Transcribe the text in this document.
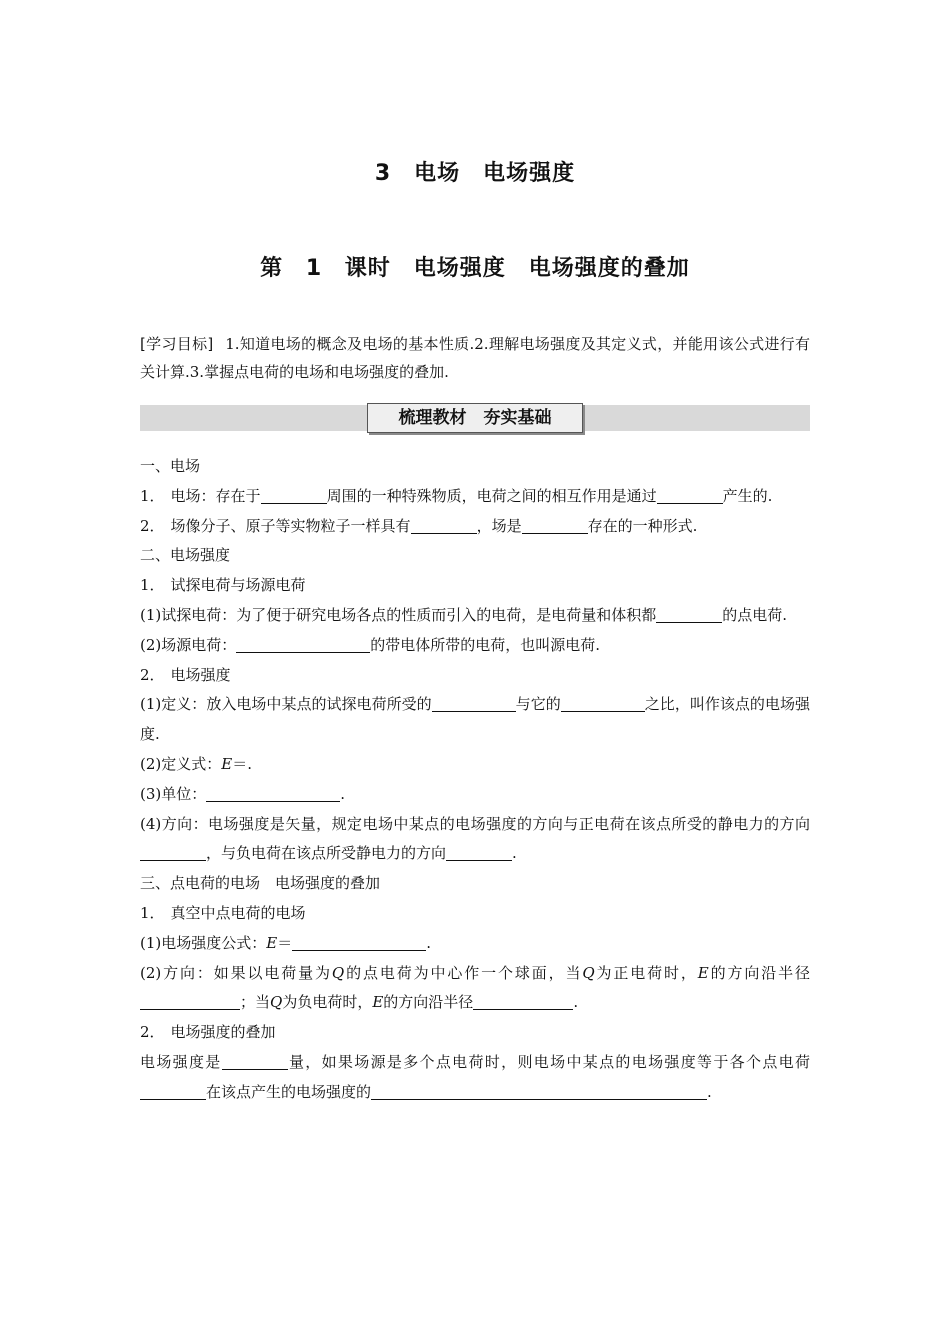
3　电场　电场强度
第 1 课时　电场强度　电场强度的叠加
[学习目标] 1.知道电场的概念及电场的基本性质.2.理解电场强度及其定义式，并能用该公式进行有关计算.3.掌握点电荷的电场和电场强度的叠加.
梳理教材　夯实基础

一、电场

1． 电场：存在于	周围的一种特殊物质，电荷之间的相互作用是通过	产生的.

2． 场像分子、原子等实物粒子一样具有	，场是	存在的一种形式.

二、电场强度

1． 试探电荷与场源电荷

(1)试探电荷：为了便于研究电场各点的性质而引入的电荷，是电荷量和体积都	的点电荷.

(2)场源电荷：	的带电体所带的电荷，也叫源电荷.

2． 电场强度

(1)定义：放入电场中某点的试探电荷所受的	与它的	之比，叫作该点的电场强度.

(2)定义式：E＝.

(3)单位：	.

(4)方向：电场强度是矢量，规定电场中某点的电场强度的方向与正电荷在该点所受的静电力的方向，与负电荷在该点所受静电力的方向	.

三、点电荷的电场　电场强度的叠加

1． 真空中点电荷的电场

(1)电场强度公式：E＝	.

(2)方向：如果以电荷量为Q的点电荷为中心作一个球面，当Q为正电荷时，E的方向沿半径；当Q为负电荷时，E的方向沿半径	.

2． 电场强度的叠加

电场强度是	量，如果场源是多个点电荷时，则电场中某点的电场强度等于各个点电荷在该点产生的电场强度的	.
